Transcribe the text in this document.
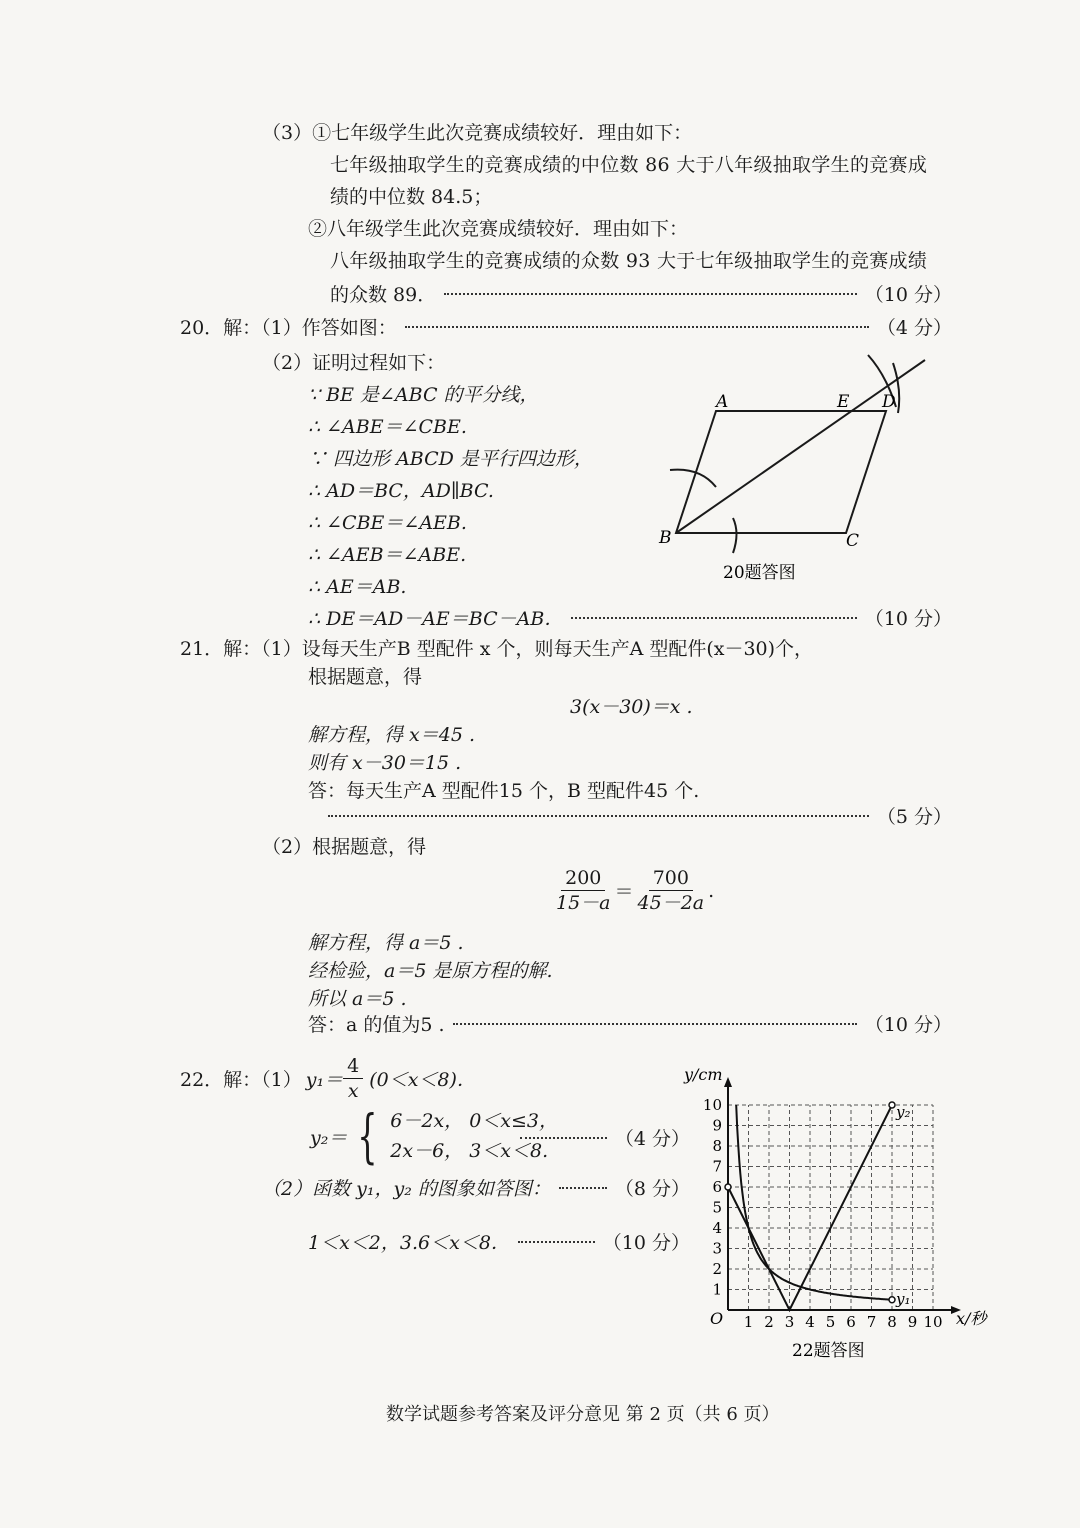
（3）①七年级学生此次竞赛成绩较好．理由如下：
七年级抽取学生的竞赛成绩的中位数 86 大于八年级抽取学生的竞赛成
绩的中位数 84.5；
②八年级学生此次竞赛成绩较好．理由如下：
八年级抽取学生的竞赛成绩的众数 93 大于七年级抽取学生的竞赛成绩
的众数 89．	（10 分）
20．解：（1）作答如图：	（4 分）
（2）证明过程如下：
∵ BE 是∠ABC 的平分线，
∴ ∠ABE＝∠CBE.
∵ 四边形 ABCD 是平行四边形，
∴ AD＝BC，AD∥BC.
∴ ∠CBE＝∠AEB.
∴ ∠AEB＝∠ABE.
∴ AE＝AB.
∴ DE＝AD－AE＝BC－AB．	（10 分）
A	E D
B	C
20题答图
21．解：（1）设每天生产B 型配件 x 个，则每天生产A 型配件(x－30)个，
根据题意，得
3(x－30)＝x .
解方程，得 x＝45 .
则有 x－30＝15 .
答：每天生产A 型配件15 个，B 型配件45 个.
（5 分）
（2）根据题意，得
$\frac{200}{15-a} = \frac{700}{45-2a}$ .
解方程，得 a＝5 .
经检验，a＝5 是原方程的解.
所以 a＝5 .
答：a 的值为5 .	（10 分）
22．解：（1） $y_1= \frac{4}{x} (0<x<8)$．
y₂＝ { 6－2x， 0＜x≤3，
2x－6， 3＜x＜8.
（4 分）
（2）函数 y₁，y₂ 的图象如答图：	（8 分）
1＜x＜2，3.6＜x＜8．	（10 分）
1 2 3 4 5 6 7 8 9 10
1
2
3
4
5
6
7
8
9
10
y₁
y₂
y/cm
x/秒
O
22题答图
数学试题参考答案及评分意见 第 2 页（共 6 页）
